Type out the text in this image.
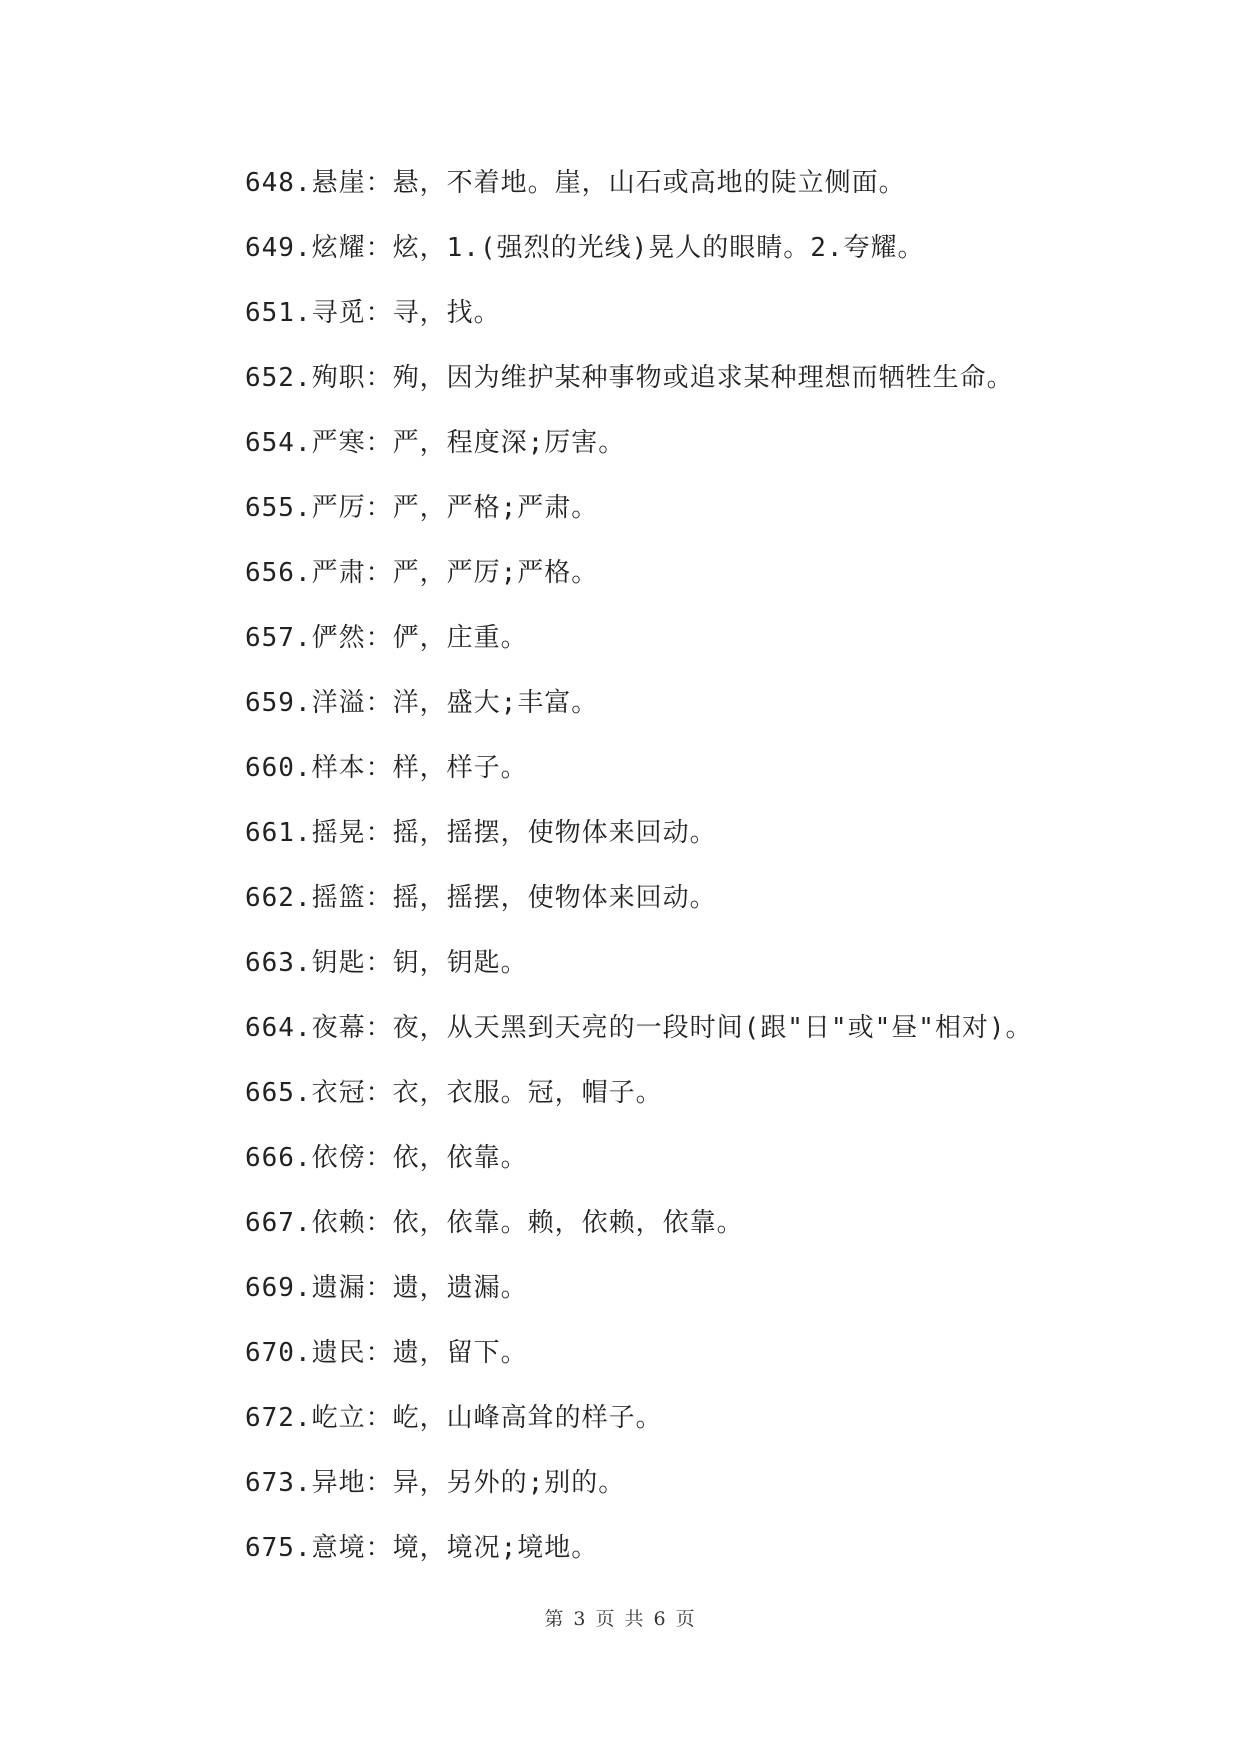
648.悬崖：悬，不着地。崖，山石或高地的陡立侧面。
649.炫耀：炫，1.(强烈的光线)晃人的眼睛。2.夸耀。
651.寻觅：寻，找。
652.殉职：殉，因为维护某种事物或追求某种理想而牺牲生命。
654.严寒：严，程度深;厉害。
655.严厉：严，严格;严肃。
656.严肃：严，严厉;严格。
657.俨然：俨，庄重。
659.洋溢：洋，盛大;丰富。
660.样本：样，样子。
661.摇晃：摇，摇摆，使物体来回动。
662.摇篮：摇，摇摆，使物体来回动。
663.钥匙：钥，钥匙。
664.夜幕：夜，从天黑到天亮的一段时间(跟"日"或"昼"相对)。
665.衣冠：衣，衣服。冠，帽子。
666.依傍：依，依靠。
667.依赖：依，依靠。赖，依赖，依靠。
669.遗漏：遗，遗漏。
670.遗民：遗，留下。
672.屹立：屹，山峰高耸的样子。
673.异地：异，另外的;别的。
675.意境：境，境况;境地。
第 3 页 共 6 页
